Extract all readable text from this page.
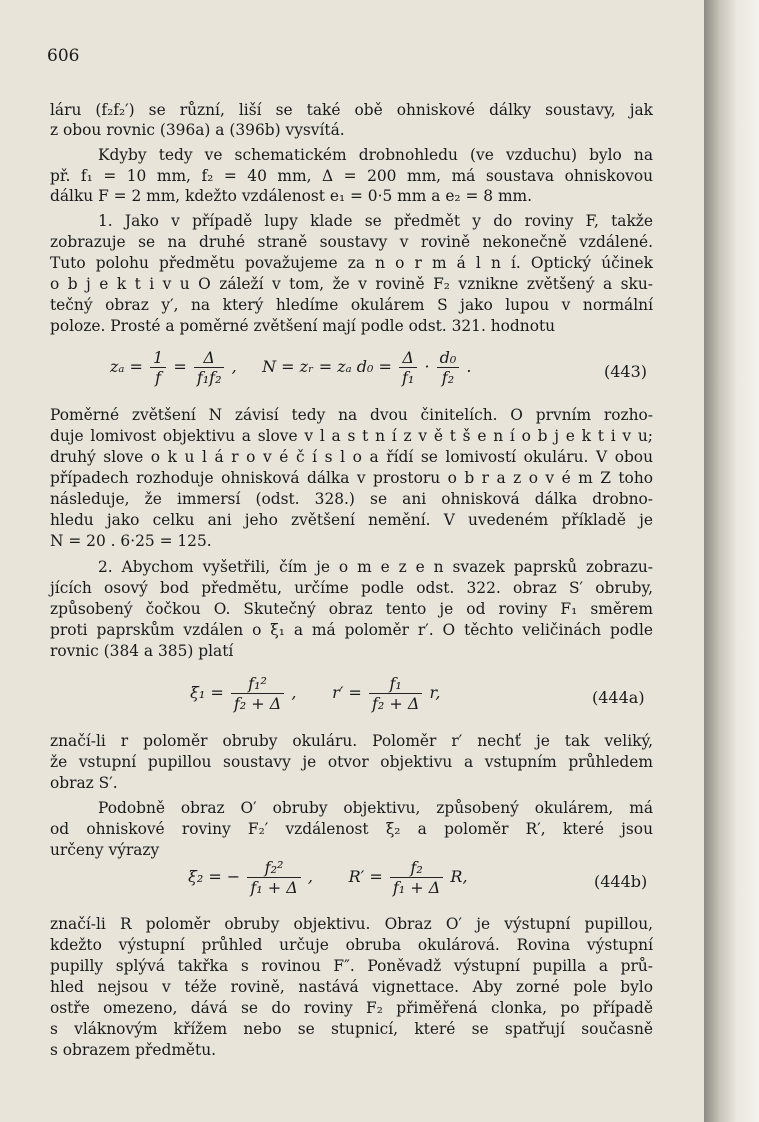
606
láru (f₂f₂′) se různí, liší se také obě ohniskové dálky soustavy, jak
z obou rovnic (396a) a (396b) vysvítá.
Kdyby tedy ve schematickém drobnohledu (ve vzduchu) bylo na
př. f₁ = 10 mm, f₂ = 40 mm, Δ = 200 mm, má soustava ohniskovou
dálku F = 2 mm, kdežto vzdálenost e₁ = 0·5 mm a e₂ = 8 mm.
1. Jako v případě lupy klade se předmět y do roviny F, takže
zobrazuje se na druhé straně soustavy v rovině nekonečně vzdálené.
Tuto polohu předmětu považujeme za n o r m á l n í. Optický účinek
o b j e k t i v u O záleží v tom, že v rovině F₂ vznikne zvětšený a sku-
tečný obraz y′, na který hledíme okulárem S jako lupou v normální
poloze. Prosté a poměrné zvětšení mají podle odst. 321. hodnotu
$z_a = \frac{1}{f} = \frac{\Delta}{\text{f₁f₂}}$ ,     N = zᵣ = zₐ $d_0 = \frac{\Delta}{\text{f₁}} \cdot \frac{\text{d₀}}{\text{f₂}}$ .	(443)
Poměrné zvětšení N závisí tedy na dvou činitelích. O prvním rozho-
duje lomivost objektivu a slove v l a s t n í z v ě t š e n í o b j e k t i v u;
druhý slove o k u l á r o v é č í s l o a řídí se lomivostí okuláru. V obou
případech rozhoduje ohnisková dálka v prostoru o b r a z o v é m Z toho
následuje, že immersí (odst. 328.) se ani ohnisková dálka drobno-
hledu jako celku ani jeho zvětšení nemění. V uvedeném příkladě je
N = 20 . 6·25 = 125.
2. Abychom vyšetřili, čím je o m e z e n svazek paprsků zobrazu-
jících osový bod předmětu, určíme podle odst. 322. obraz S′ obruby,
způsobený čočkou O. Skutečný obraz tento je od roviny F₁ směrem
proti paprskům vzdálen o ξ₁ a má poloměr r′. O těchto veličinách podle
rovnic (384 a 385) platí
$\xi_1 = \frac{\text{f₁²}}{\text{f₂ + Δ}}$ ,       $r' = \frac{\text{f₁}}{\text{f₂ + Δ}} r$,	(444a)
značí-li r poloměr obruby okuláru. Poloměr r′ nechť je tak veliký,
že vstupní pupillou soustavy je otvor objektivu a vstupním průhledem
obraz S′.
Podobně obraz O′ obruby objektivu, způsobený okulárem, má
od ohniskové roviny F₂′ vzdálenost ξ₂ a poloměr R′, které jsou
určeny výrazy
ξ₂ = − $\frac{\text{f₂²}}{\text{f₁ + Δ}}$ ,       $R' = \frac{\text{f₂}}{\text{f₁ + Δ}} R$,	(444b)
značí-li R poloměr obruby objektivu. Obraz O′ je výstupní pupillou,
kdežto výstupní průhled určuje obruba okulárová. Rovina výstupní
pupilly splývá takřka s rovinou F″. Poněvadž výstupní pupilla a prů-
hled nejsou v téže rovině, nastává vignettace. Aby zorné pole bylo
ostře omezeno, dává se do roviny F₂ přiměřená clonka, po případě
s vláknovým křížem nebo se stupnicí, které se spatřují současně
s obrazem předmětu.
